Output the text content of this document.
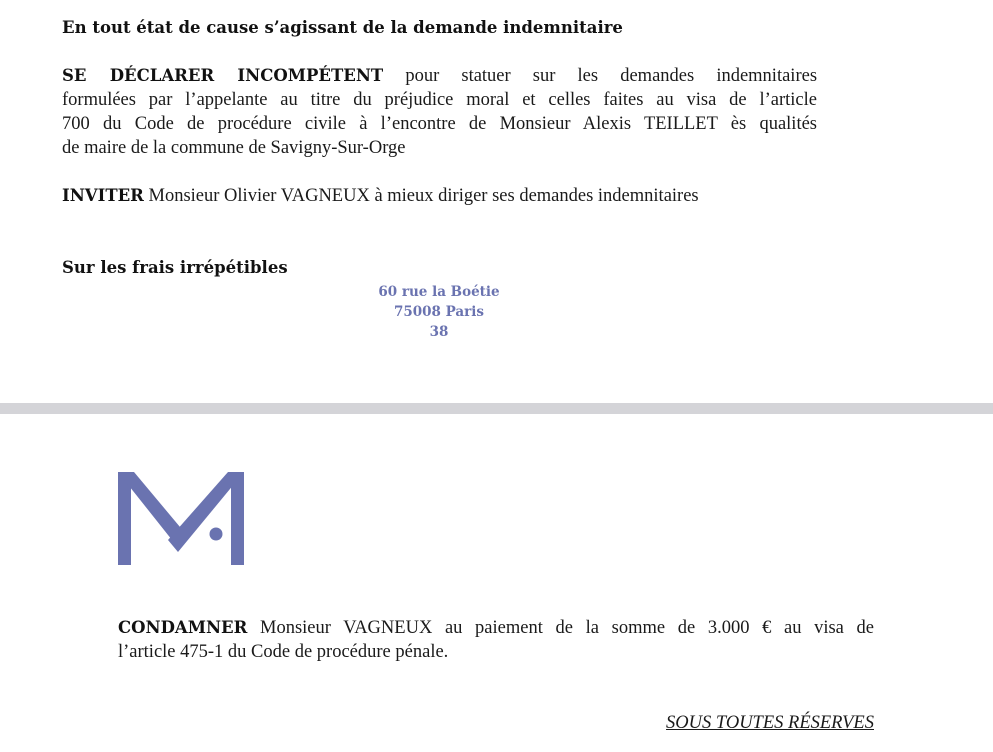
En tout état de cause s’agissant de la demande indemnitaire
SE DÉCLARER INCOMPÉTENT pour statuer sur les demandes indemnitaires
formulées par l’appelante au titre du préjudice moral et celles faites au visa de l’article
700 du Code de procédure civile à l’encontre de Monsieur Alexis TEILLET ès qualités
de maire de la commune de Savigny-Sur-Orge
INVITER Monsieur Olivier VAGNEUX à mieux diriger ses demandes indemnitaires
Sur les frais irrépétibles
60 rue la Boétie
75008 Paris
38
CONDAMNER Monsieur VAGNEUX au paiement de la somme de 3.000 € au visa de
l’article 475-1 du Code de procédure pénale.
SOUS TOUTES RÉSERVES
